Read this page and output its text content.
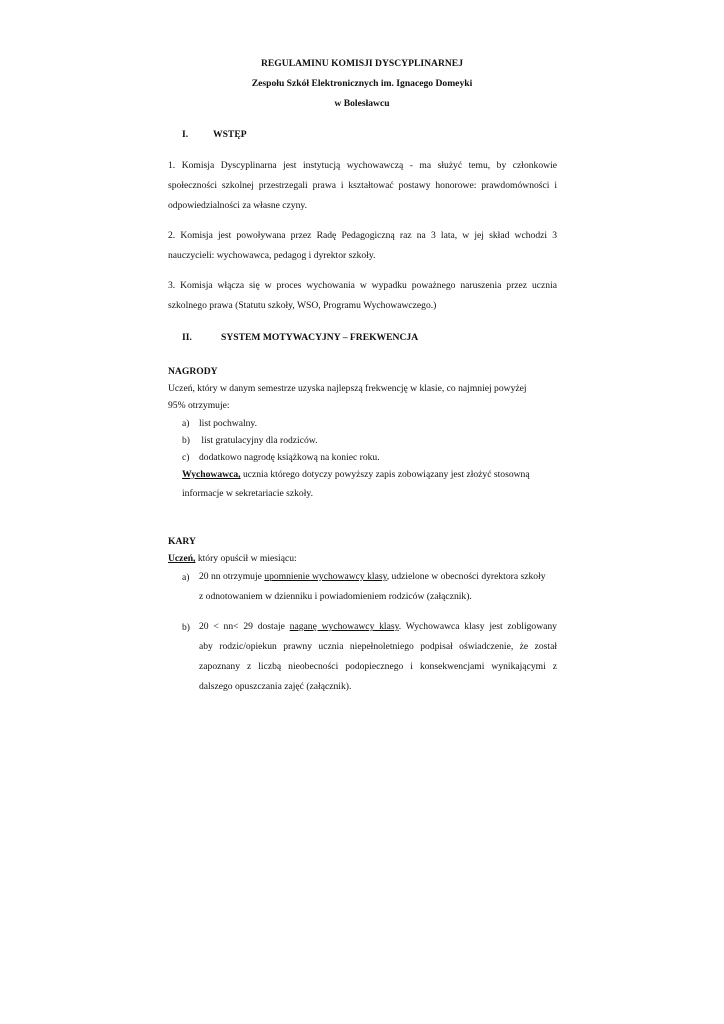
REGULAMINU KOMISJI DYSCYPLINARNEJ
Zespołu Szkół Elektronicznych im. Ignacego Domeyki
w Bolesławcu
I.	WSTĘP
1. Komisja Dyscyplinarna jest instytucją wychowawczą - ma służyć temu, by członkowie
społeczności szkolnej przestrzegali prawa i kształtować postawy honorowe: prawdomówności i
odpowiedzialności za własne czyny.
2. Komisja jest powoływana przez Radę Pedagogiczną raz na 3 lata, w jej skład wchodzi 3
nauczycieli: wychowawca, pedagog i dyrektor szkoły.
3. Komisja włącza się w proces wychowania w wypadku poważnego naruszenia przez ucznia
szkolnego prawa (Statutu szkoły, WSO, Programu Wychowawczego.)
II.	SYSTEM MOTYWACYJNY – FREKWENCJA
NAGRODY
Uczeń, który w danym semestrze uzyska najlepszą frekwencję w klasie, co najmniej powyżej
95% otrzymuje:
a) list pochwalny.
b) list gratulacyjny dla rodziców.
c) dodatkowo nagrodę książkową na koniec roku.
Wychowawca, ucznia którego dotyczy powyższy zapis zobowiązany jest złożyć stosowną
informacje w sekretariacie szkoły.
KARY
Uczeń, który opuścił w miesiącu:
a) 20 nn otrzymuje upomnienie wychowawcy klasy, udzielone w obecności dyrektora szkoły
z odnotowaniem w dzienniku i powiadomieniem rodziców (załącznik).
b) 20 < nn< 29 dostaje naganę wychowawcy klasy. Wychowawca klasy jest zobligowany
aby rodzic/opiekun prawny ucznia niepełnoletniego podpisał oświadczenie, że został
zapoznany z liczbą nieobecności podopiecznego i konsekwencjami wynikającymi z
dalszego opuszczania zajęć (załącznik).
